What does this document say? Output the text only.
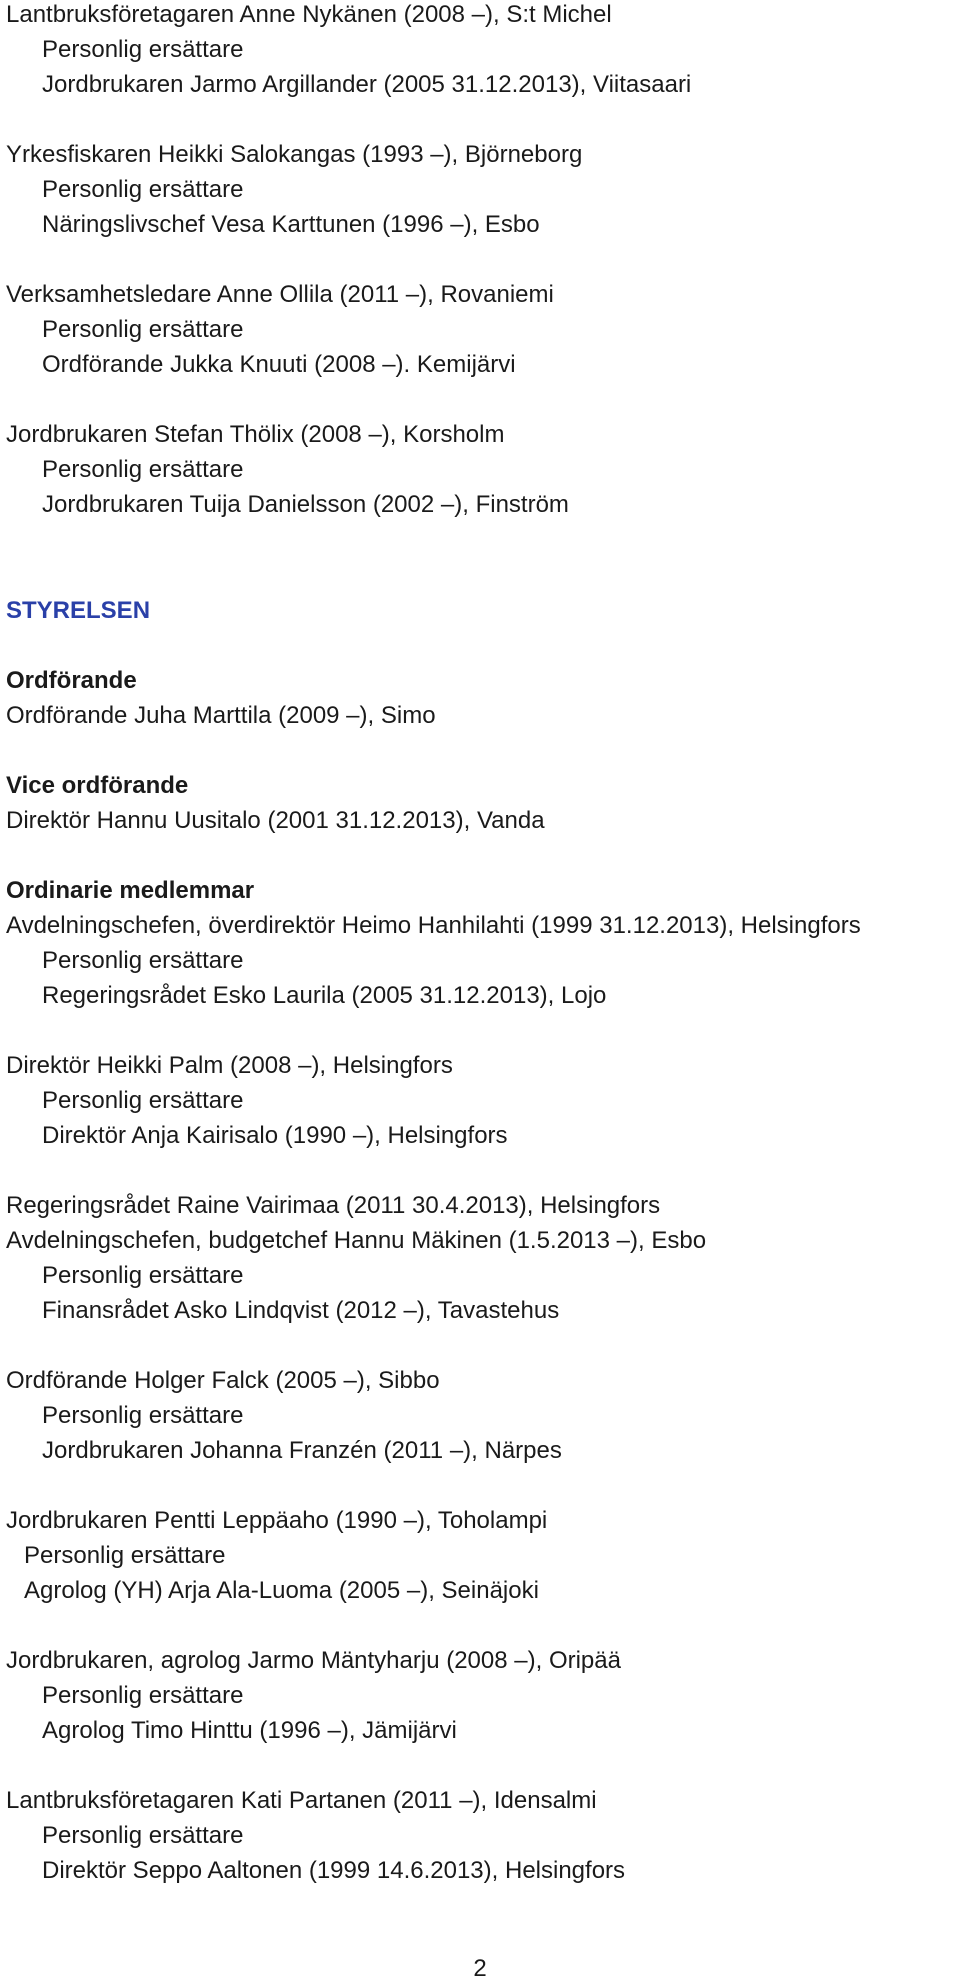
Lantbruksföretagaren Anne Nykänen (2008 –), S:t Michel
Personlig ersättare
Jordbrukaren Jarmo Argillander (2005 31.12.2013), Viitasaari
Yrkesfiskaren Heikki Salokangas (1993 –), Björneborg
Personlig ersättare
Näringslivschef Vesa Karttunen (1996 –), Esbo
Verksamhetsledare Anne Ollila (2011 –), Rovaniemi
Personlig ersättare
Ordförande Jukka Knuuti (2008 –). Kemijärvi
Jordbrukaren Stefan Thölix (2008 –), Korsholm
Personlig ersättare
Jordbrukaren Tuija Danielsson (2002 –), Finström
STYRELSEN
Ordförande
Ordförande Juha Marttila (2009 –), Simo
Vice ordförande
Direktör Hannu Uusitalo (2001 31.12.2013), Vanda
Ordinarie medlemmar
Avdelningschefen, överdirektör Heimo Hanhilahti (1999 31.12.2013), Helsingfors
Personlig ersättare
Regeringsrådet Esko Laurila (2005 31.12.2013), Lojo
Direktör Heikki Palm (2008 –), Helsingfors
Personlig ersättare
Direktör Anja Kairisalo (1990 –), Helsingfors
Regeringsrådet Raine Vairimaa (2011 30.4.2013), Helsingfors
Avdelningschefen, budgetchef Hannu Mäkinen (1.5.2013 –), Esbo
Personlig ersättare
Finansrådet Asko Lindqvist (2012 –), Tavastehus
Ordförande Holger Falck (2005 –), Sibbo
Personlig ersättare
Jordbrukaren Johanna Franzén (2011 –), Närpes
Jordbrukaren Pentti Leppäaho (1990 –), Toholampi
Personlig ersättare
Agrolog (YH) Arja Ala-Luoma (2005 –), Seinäjoki
Jordbrukaren, agrolog Jarmo Mäntyharju (2008 –), Oripää
Personlig ersättare
Agrolog Timo Hinttu (1996 –), Jämijärvi
Lantbruksföretagaren Kati Partanen (2011 –), Idensalmi
Personlig ersättare
Direktör Seppo Aaltonen (1999 14.6.2013), Helsingfors
2
